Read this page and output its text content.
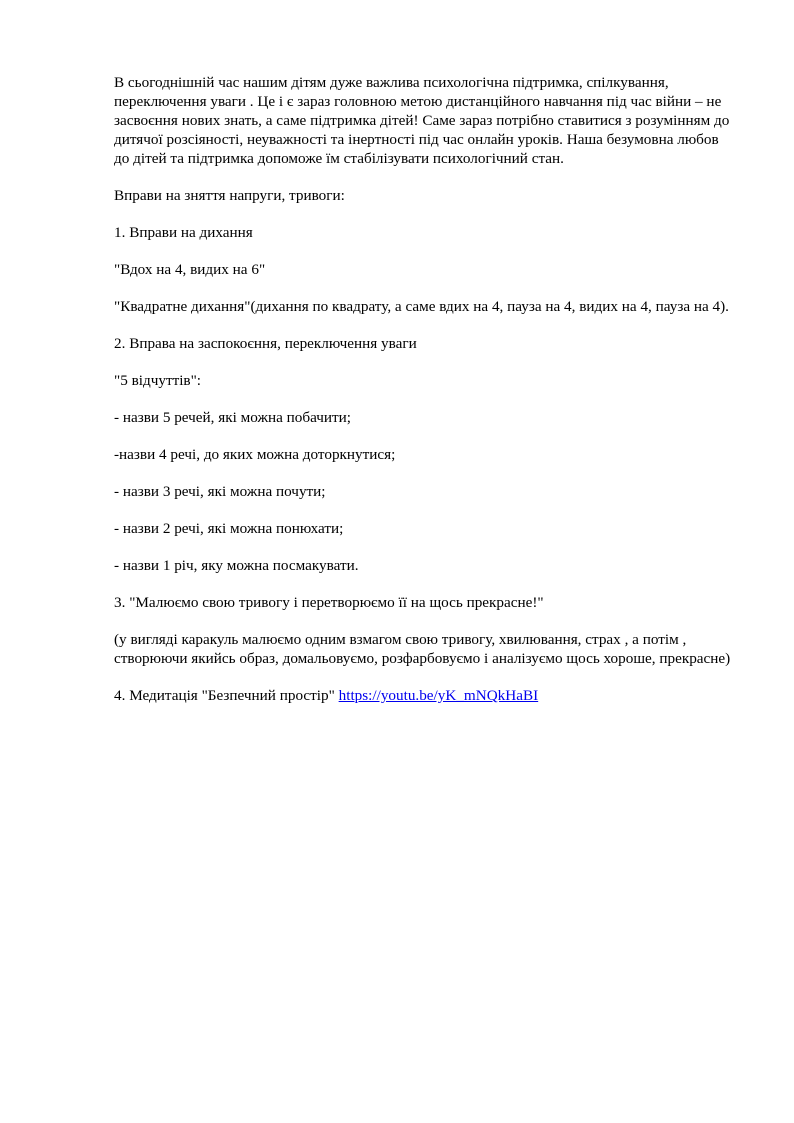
В сьогоднішній час нашим дітям дуже важлива психологічна підтримка, спілкування, переключення уваги . Це і є зараз головною метою дистанційного навчання під час війни – не засвоєння нових знать, а саме підтримка дітей! Саме зараз потрібно ставитися з розумінням до дитячої розсіяності, неуважності та інертності під час онлайн уроків. Наша безумовна любов до дітей та підтримка допоможе їм стабілізувати психологічний стан.

Вправи на зняття напруги, тривоги:

1. Вправи на дихання

"Вдох на 4, видих на 6"

"Квадратне дихання"(дихання по квадрату, а саме вдих на 4, пауза на 4, видих на 4, пауза на 4).

2. Вправа на заспокоєння, переключення уваги

"5 відчуттів":

- назви 5 речей, які можна побачити;

-назви 4 речі, до яких можна доторкнутися;

- назви 3 речі, які можна почути;

- назви 2 речі, які можна понюхати;

- назви 1 річ, яку можна посмакувати.

3. "Малюємо свою тривогу і перетворюємо її на щось прекрасне!"

(у вигляді каракуль малюємо одним взмагом свою тривогу, хвилювання, страх , а потім , створюючи якийсь образ, домальовуємо, розфарбовуємо і аналізуємо щось хороше, прекрасне)

4. Медитація "Безпечний простір" https://youtu.be/yK_mNQkHaBI
